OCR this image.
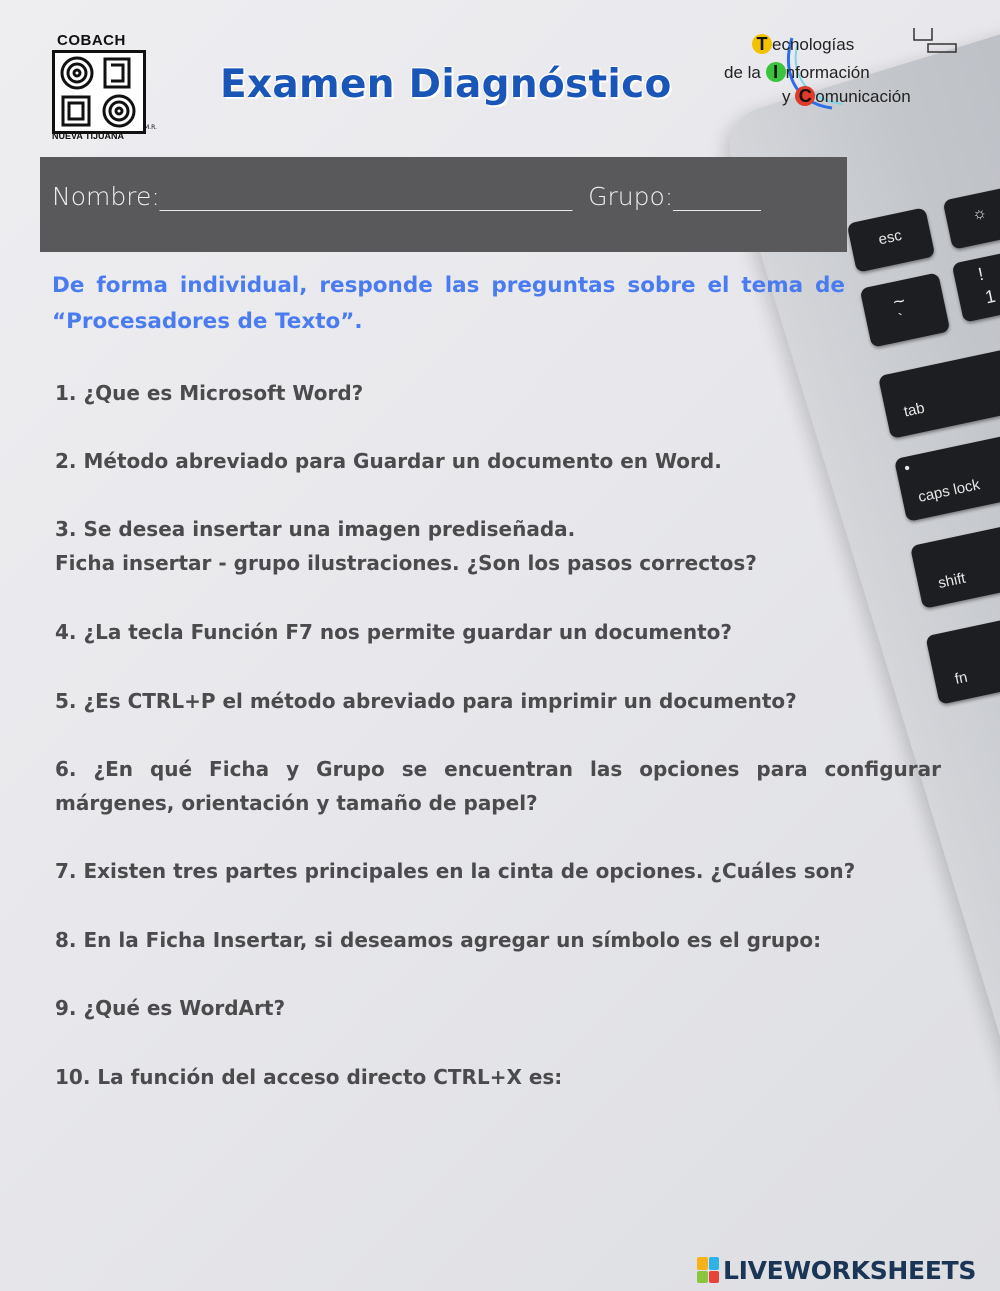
esc
☼
~
`
!
1
tab
●
caps lock
shift
fn
COBACH
NUEVA TIJUANA
M.R.
Examen Diagnóstico
T ecnologías
de la I nformación
y C omunicación
Nombre:_________________________________  Grupo:_______
De forma individual, responde las preguntas sobre el tema de “Procesadores de Texto”.
1. ¿Que es Microsoft Word?
2. Método abreviado para Guardar un documento en Word.
3. Se desea insertar una imagen prediseñada.
Ficha insertar - grupo ilustraciones. ¿Son los pasos correctos?
4. ¿La tecla Función F7 nos permite guardar un documento?
5. ¿Es CTRL+P el método abreviado para imprimir un documento?
6. ¿En qué Ficha y Grupo se encuentran las opciones para configurar márgenes, orientación y tamaño de papel?
7. Existen tres partes principales en la cinta de opciones. ¿Cuáles son?
8. En la Ficha Insertar, si deseamos agregar un símbolo es el grupo:
9. ¿Qué es WordArt?
10. La función del acceso directo CTRL+X es:
LIVEWORKSHEETS
